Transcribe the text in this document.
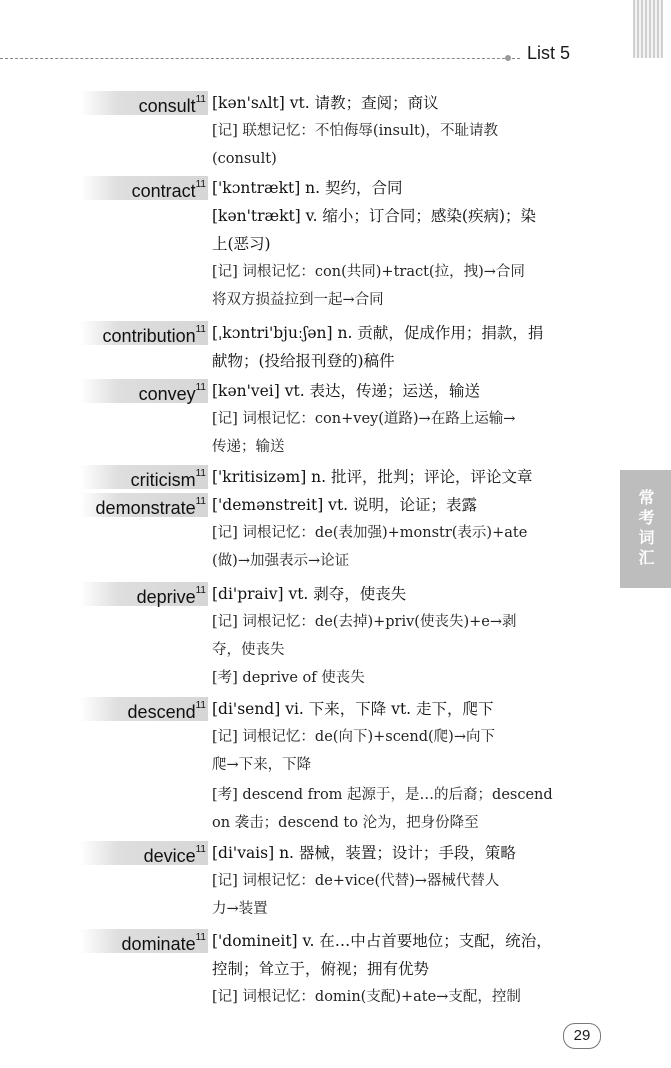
List 5
consult$^{11}$ [kən'sʌlt] vt. 请教；查阅；商议
[记] 联想记忆：不怕侮辱(insult)，不耻请教
(consult)
contract$^{11}$ ['kɔntrækt] n. 契约，合同
[kən'trækt] v. 缩小；订合同；感染(疾病)；染
上(恶习)
[记] 词根记忆：con(共同)+tract(拉，拽)→合同
将双方损益拉到一起→合同
contribution$^{11}$ [ˌkɔntri'bjuːʃən] n. 贡献，促成作用；捐款，捐
献物；(投给报刊登的)稿件
convey$^{11}$ [kən'vei] vt. 表达，传递；运送，输送
[记] 词根记忆：con+vey(道路)→在路上运输→
传递；输送
criticism$^{11}$ ['kritisizəm] n. 批评，批判；评论，评论文章
demonstrate$^{11}$ ['demənstreit] vt. 说明，论证；表露
[记] 词根记忆：de(表加强)+monstr(表示)+ate
(做)→加强表示→论证
deprive$^{11}$ [di'praiv] vt. 剥夺，使丧失
[记] 词根记忆：de(去掉)+priv(使丧失)+e→剥
夺，使丧失
[考] deprive of 使丧失
descend$^{11}$ [di'send] vi. 下来，下降 vt. 走下，爬下
[记] 词根记忆：de(向下)+scend(爬)→向下
爬→下来，下降
[考] descend from 起源于，是…的后裔；descend
on 袭击；descend to 沦为，把身份降至
device$^{11}$ [di'vais] n. 器械，装置；设计；手段，策略
[记] 词根记忆：de+vice(代替)→器械代替人
力→装置
dominate$^{11}$ ['domineit] v. 在…中占首要地位；支配，统治，
控制；耸立于，俯视；拥有优势
[记] 词根记忆：domin(支配)+ate→支配，控制
常考词汇
29
